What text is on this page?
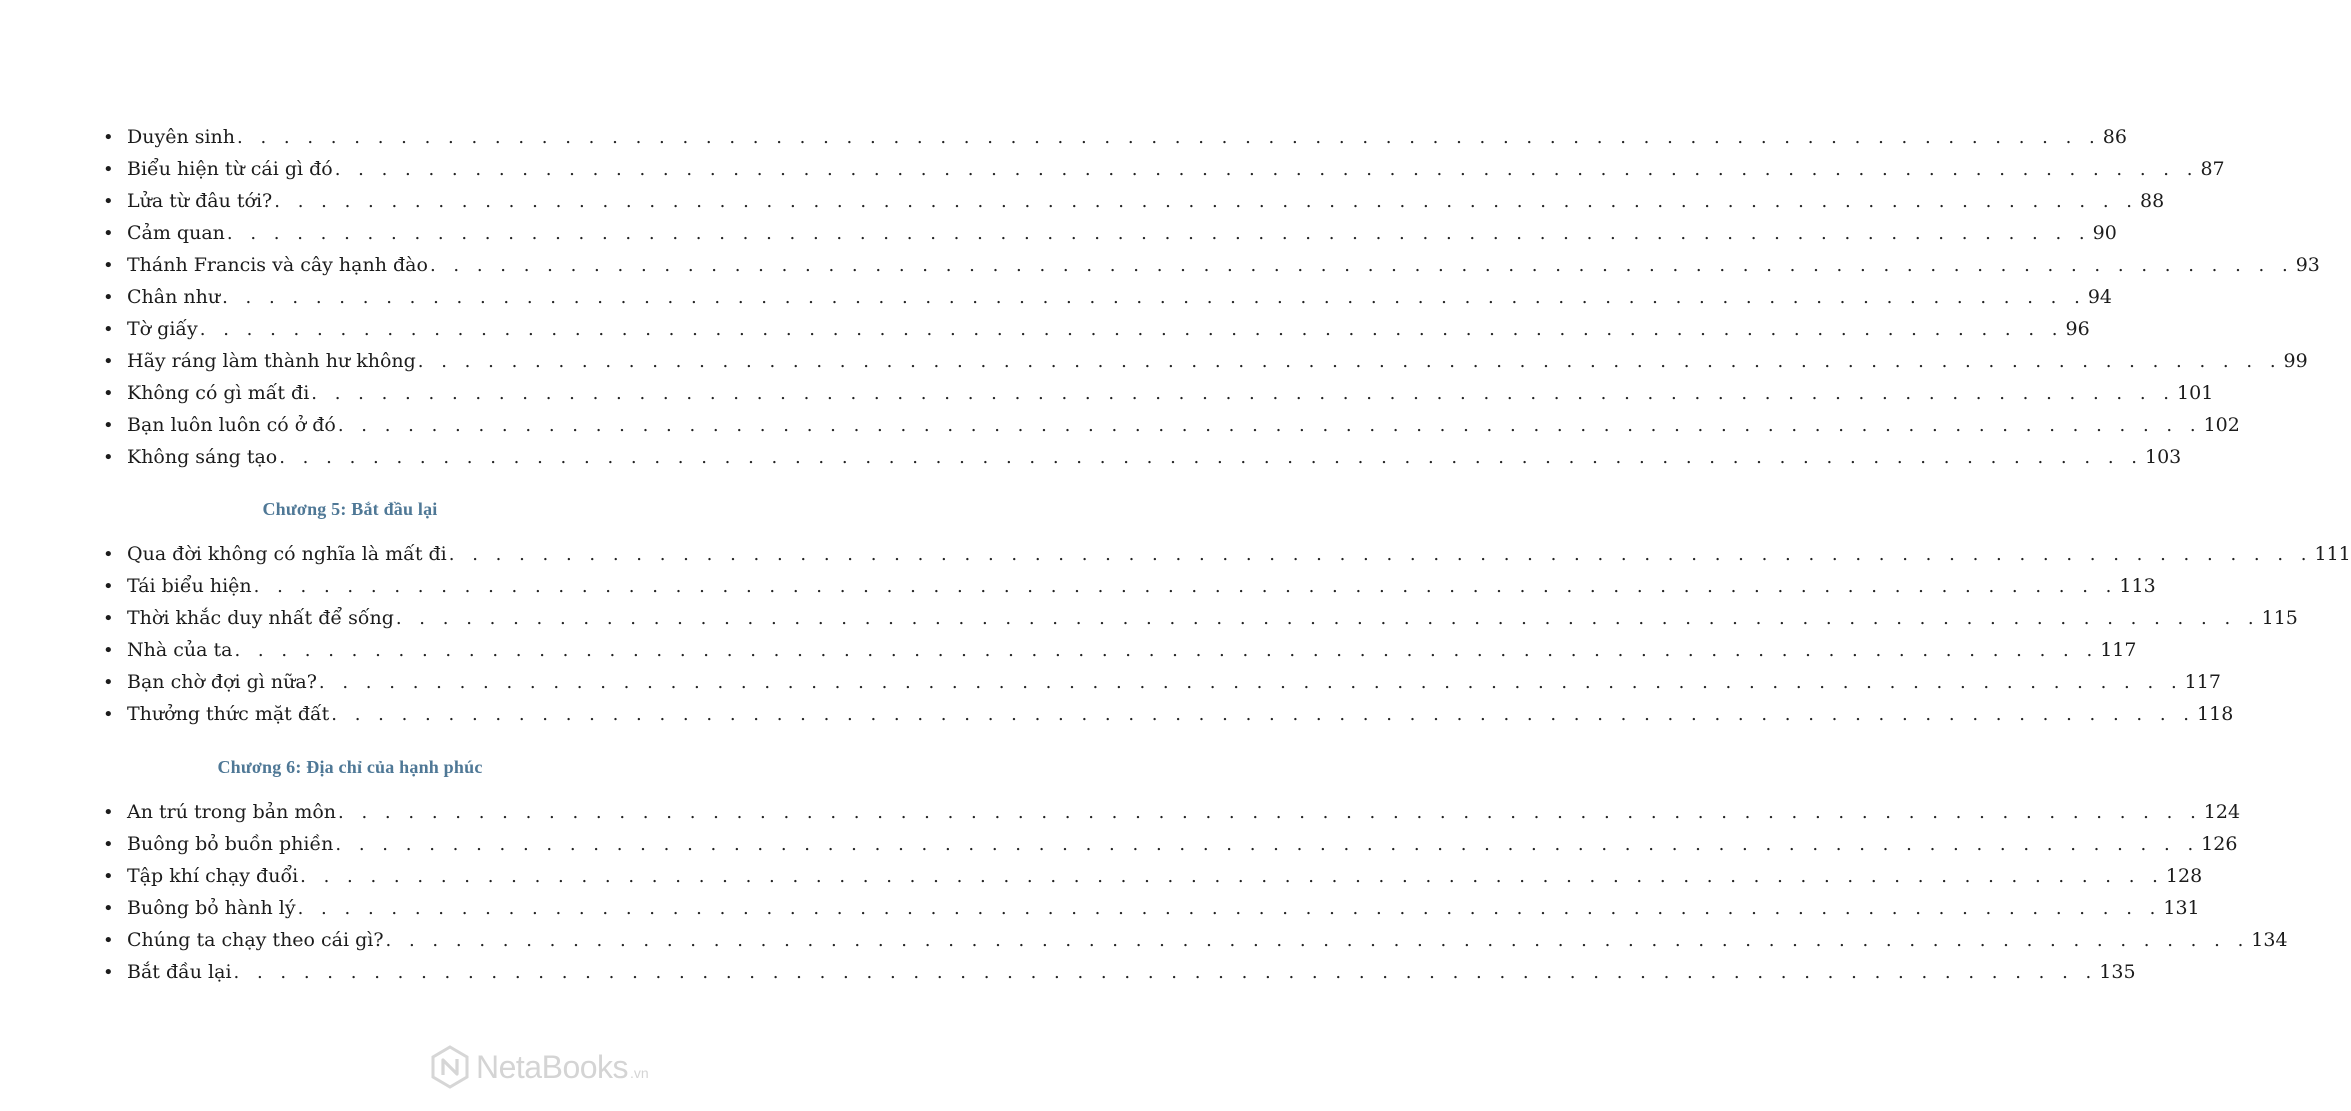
• Duyên sinh . . . . . . . . . . . . . . . . . . . . . . . . . . . . . . . . . . . . . . . . . . . . . . . . . . . . . . . . . . . . . . . . . . . . . . . . . . . . . . . . 86
• Biểu hiện từ cái gì đó . . . . . . . . . . . . . . . . . . . . . . . . . . . . . . . . . . . . . . . . . . . . . . . . . . . . . . . . . . . . . . . . . . . . . . . . . . . . . . . . 87
• Lửa từ đâu tới? . . . . . . . . . . . . . . . . . . . . . . . . . . . . . . . . . . . . . . . . . . . . . . . . . . . . . . . . . . . . . . . . . . . . . . . . . . . . . . . . 88
• Cảm quan . . . . . . . . . . . . . . . . . . . . . . . . . . . . . . . . . . . . . . . . . . . . . . . . . . . . . . . . . . . . . . . . . . . . . . . . . . . . . . . . 90
• Thánh Francis và cây hạnh đào . . . . . . . . . . . . . . . . . . . . . . . . . . . . . . . . . . . . . . . . . . . . . . . . . . . . . . . . . . . . . . . . . . . . . . . . . . . . . . . . 93
• Chân như . . . . . . . . . . . . . . . . . . . . . . . . . . . . . . . . . . . . . . . . . . . . . . . . . . . . . . . . . . . . . . . . . . . . . . . . . . . . . . . . 94
• Tờ giấy . . . . . . . . . . . . . . . . . . . . . . . . . . . . . . . . . . . . . . . . . . . . . . . . . . . . . . . . . . . . . . . . . . . . . . . . . . . . . . . . 96
• Hãy ráng làm thành hư không . . . . . . . . . . . . . . . . . . . . . . . . . . . . . . . . . . . . . . . . . . . . . . . . . . . . . . . . . . . . . . . . . . . . . . . . . . . . . . . . 99
• Không có gì mất đi . . . . . . . . . . . . . . . . . . . . . . . . . . . . . . . . . . . . . . . . . . . . . . . . . . . . . . . . . . . . . . . . . . . . . . . . . . . . . . . . 101
• Bạn luôn luôn có ở đó . . . . . . . . . . . . . . . . . . . . . . . . . . . . . . . . . . . . . . . . . . . . . . . . . . . . . . . . . . . . . . . . . . . . . . . . . . . . . . . . 102
• Không sáng tạo . . . . . . . . . . . . . . . . . . . . . . . . . . . . . . . . . . . . . . . . . . . . . . . . . . . . . . . . . . . . . . . . . . . . . . . . . . . . . . . . 103
Chương 5: Bắt đầu lại
• Qua đời không có nghĩa là mất đi . . . . . . . . . . . . . . . . . . . . . . . . . . . . . . . . . . . . . . . . . . . . . . . . . . . . . . . . . . . . . . . . . . . . . . . . . . . . . . . . 111
• Tái biểu hiện . . . . . . . . . . . . . . . . . . . . . . . . . . . . . . . . . . . . . . . . . . . . . . . . . . . . . . . . . . . . . . . . . . . . . . . . . . . . . . . . 113
• Thời khắc duy nhất để sống . . . . . . . . . . . . . . . . . . . . . . . . . . . . . . . . . . . . . . . . . . . . . . . . . . . . . . . . . . . . . . . . . . . . . . . . . . . . . . . . 115
• Nhà của ta . . . . . . . . . . . . . . . . . . . . . . . . . . . . . . . . . . . . . . . . . . . . . . . . . . . . . . . . . . . . . . . . . . . . . . . . . . . . . . . . 117
• Bạn chờ đợi gì nữa? . . . . . . . . . . . . . . . . . . . . . . . . . . . . . . . . . . . . . . . . . . . . . . . . . . . . . . . . . . . . . . . . . . . . . . . . . . . . . . . . 117
• Thưởng thức mặt đất . . . . . . . . . . . . . . . . . . . . . . . . . . . . . . . . . . . . . . . . . . . . . . . . . . . . . . . . . . . . . . . . . . . . . . . . . . . . . . . . 118
Chương 6: Địa chỉ của hạnh phúc
• An trú trong bản môn . . . . . . . . . . . . . . . . . . . . . . . . . . . . . . . . . . . . . . . . . . . . . . . . . . . . . . . . . . . . . . . . . . . . . . . . . . . . . . . . 124
• Buông bỏ buồn phiền . . . . . . . . . . . . . . . . . . . . . . . . . . . . . . . . . . . . . . . . . . . . . . . . . . . . . . . . . . . . . . . . . . . . . . . . . . . . . . . . 126
• Tập khí chạy đuổi . . . . . . . . . . . . . . . . . . . . . . . . . . . . . . . . . . . . . . . . . . . . . . . . . . . . . . . . . . . . . . . . . . . . . . . . . . . . . . . . 128
• Buông bỏ hành lý . . . . . . . . . . . . . . . . . . . . . . . . . . . . . . . . . . . . . . . . . . . . . . . . . . . . . . . . . . . . . . . . . . . . . . . . . . . . . . . . 131
• Chúng ta chạy theo cái gì? . . . . . . . . . . . . . . . . . . . . . . . . . . . . . . . . . . . . . . . . . . . . . . . . . . . . . . . . . . . . . . . . . . . . . . . . . . . . . . . . 134
• Bắt đầu lại . . . . . . . . . . . . . . . . . . . . . . . . . . . . . . . . . . . . . . . . . . . . . . . . . . . . . . . . . . . . . . . . . . . . . . . . . . . . . . . . 135
NetaBooks .vn
